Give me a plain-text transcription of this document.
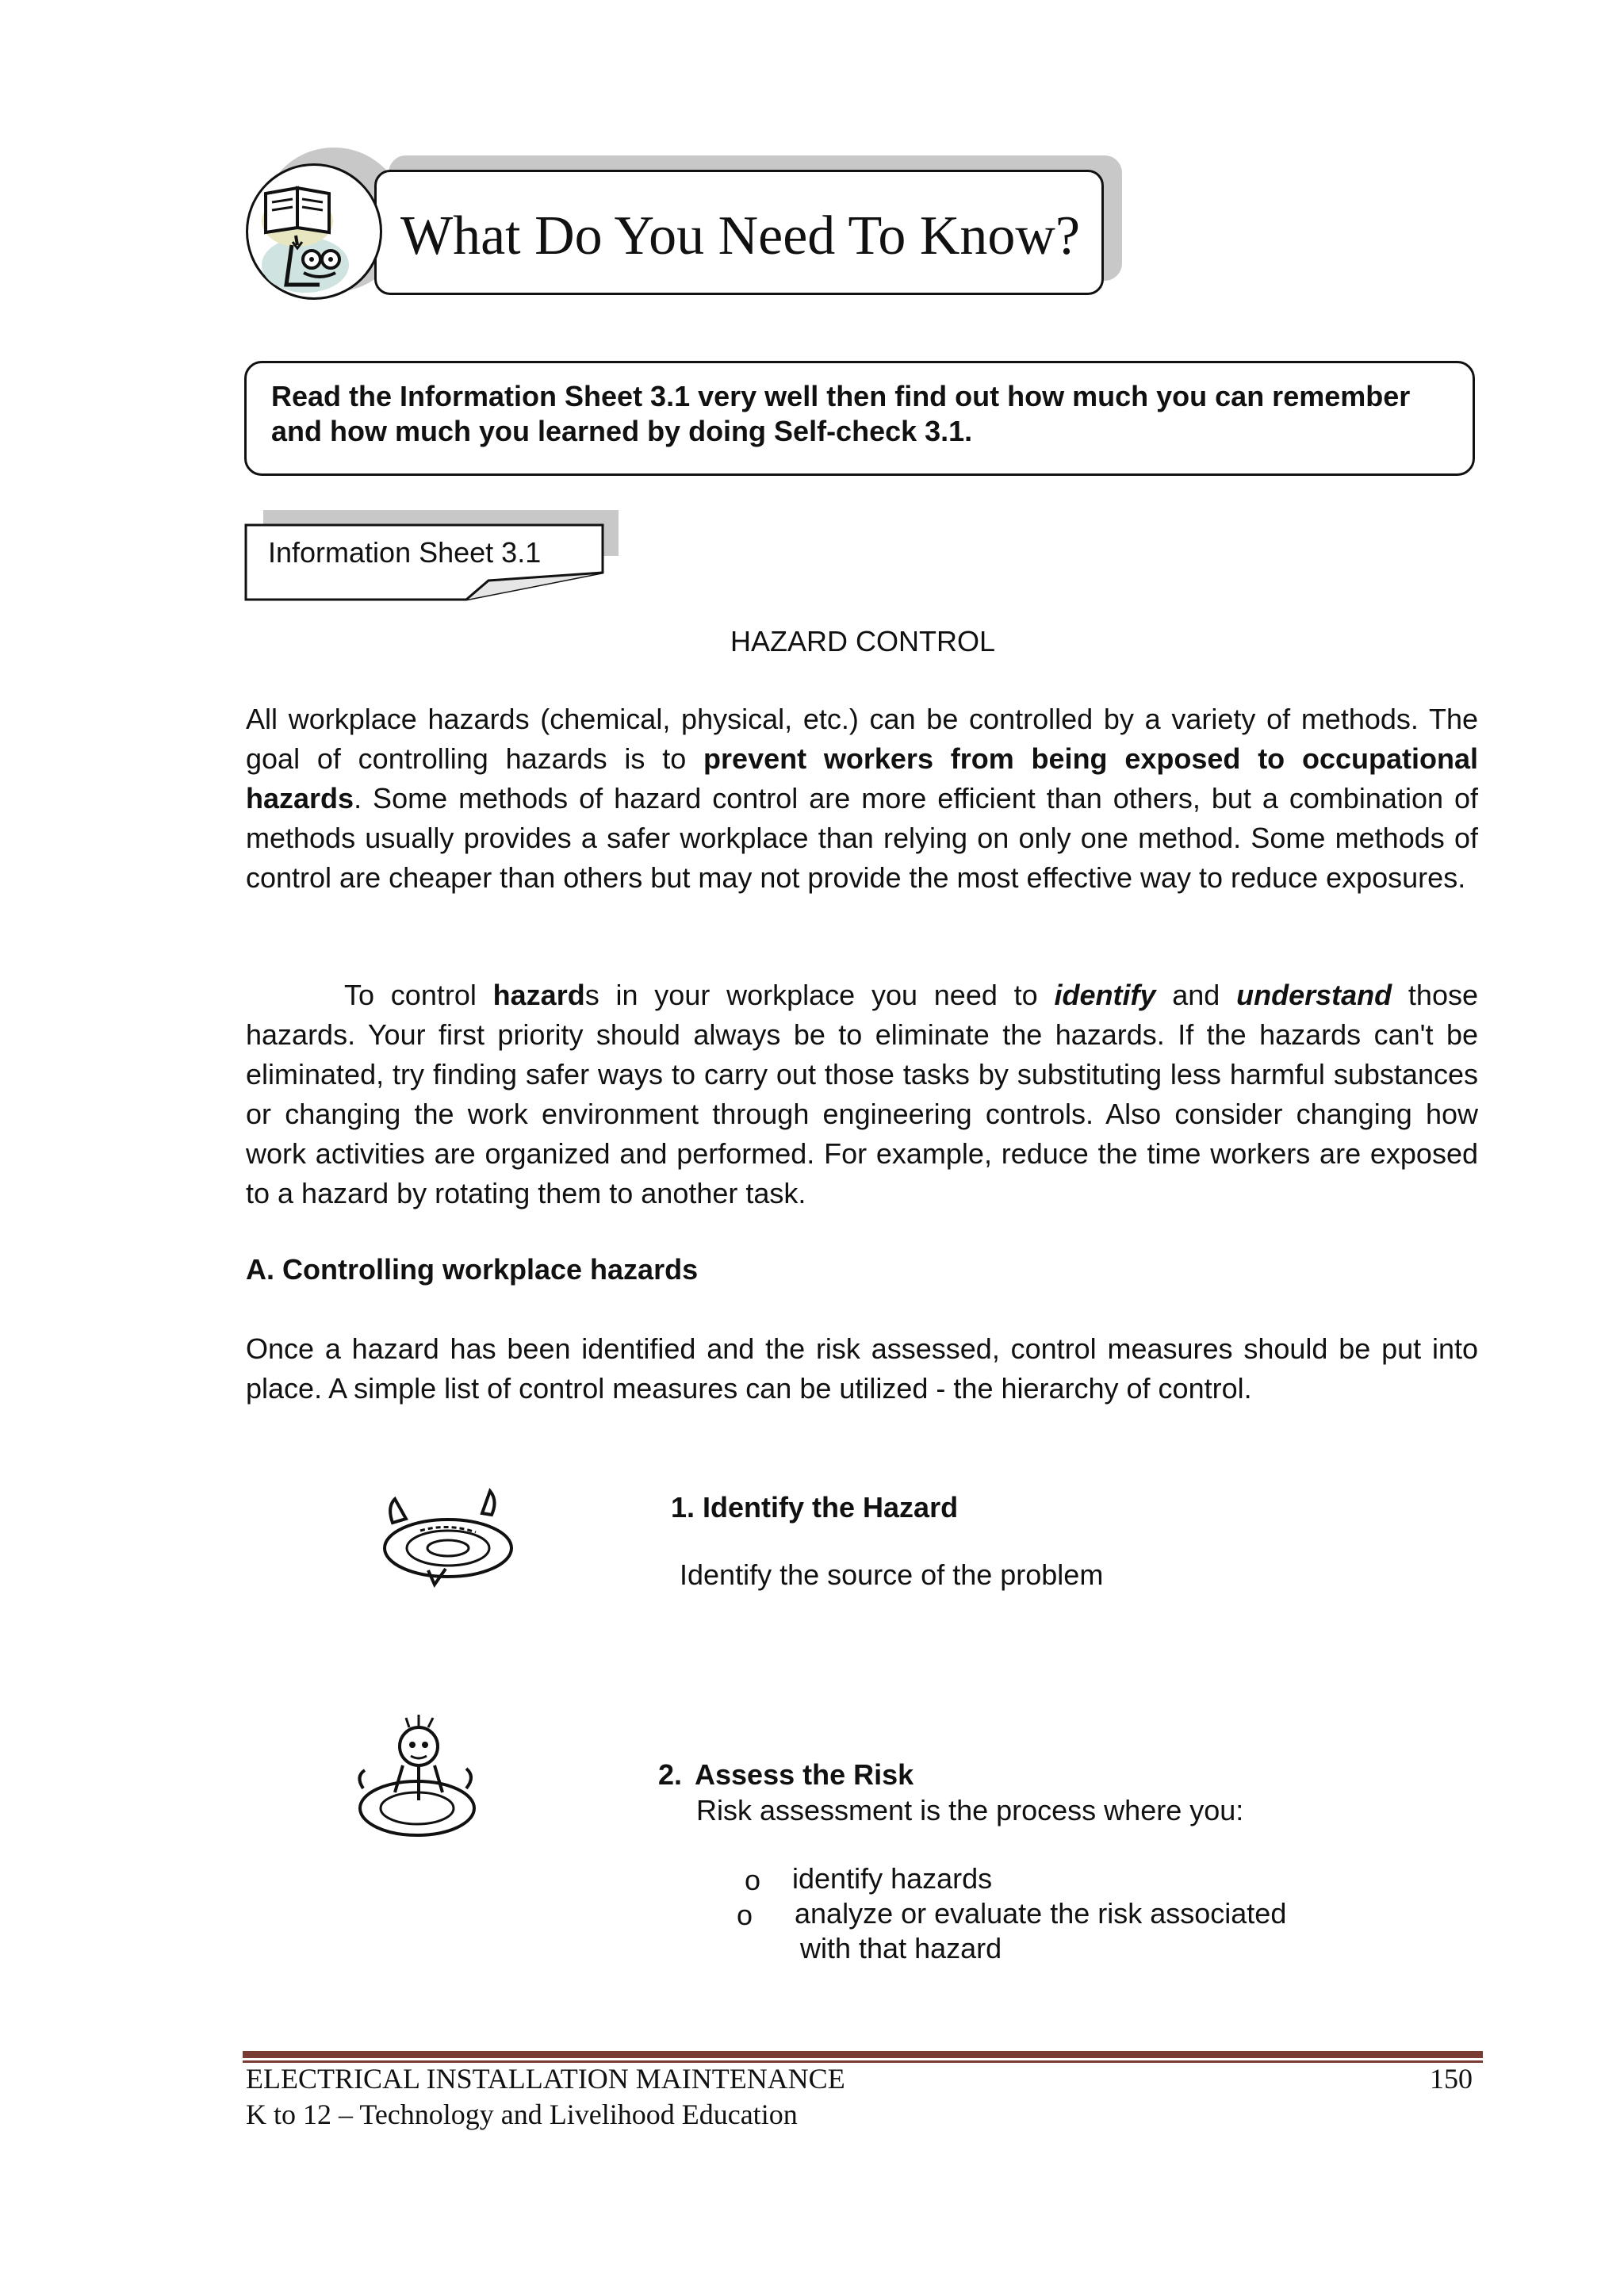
What Do You Need To Know?
Read the Information Sheet 3.1 very well then find out how much you can remember and how much you learned by doing Self-check 3.1.
Information Sheet 3.1
HAZARD CONTROL

All workplace hazards (chemical, physical, etc.) can be controlled by a variety of methods. The goal of controlling hazards is to prevent workers from being exposed to occupational hazards. Some methods of hazard control are more efficient than others, but a combination of methods usually provides a safer workplace than relying on only one method. Some methods of control are cheaper than others but may not provide the most effective way to reduce exposures.

To control hazards in your workplace you need to identify and understand those hazards. Your first priority should always be to eliminate the hazards. If the hazards can't be eliminated, try finding safer ways to carry out those tasks by substituting less harmful substances or changing the work environment through engineering controls. Also consider changing how work activities are organized and performed. For example, reduce the time workers are exposed to a hazard by rotating them to another task.

A. Controlling workplace hazards
Once a hazard has been identified and the risk assessed, control measures should be put into place. A simple list of control measures can be utilized - the hierarchy of control.
1. Identify the Hazard
Identify the source of the problem
2. Assess the Risk
Risk assessment is the process where you:
o identify hazards
o analyze or evaluate the risk associated
with that hazard
ELECTRICAL INSTALLATION MAINTENANCE
K to 12 – Technology and Livelihood Education
150
